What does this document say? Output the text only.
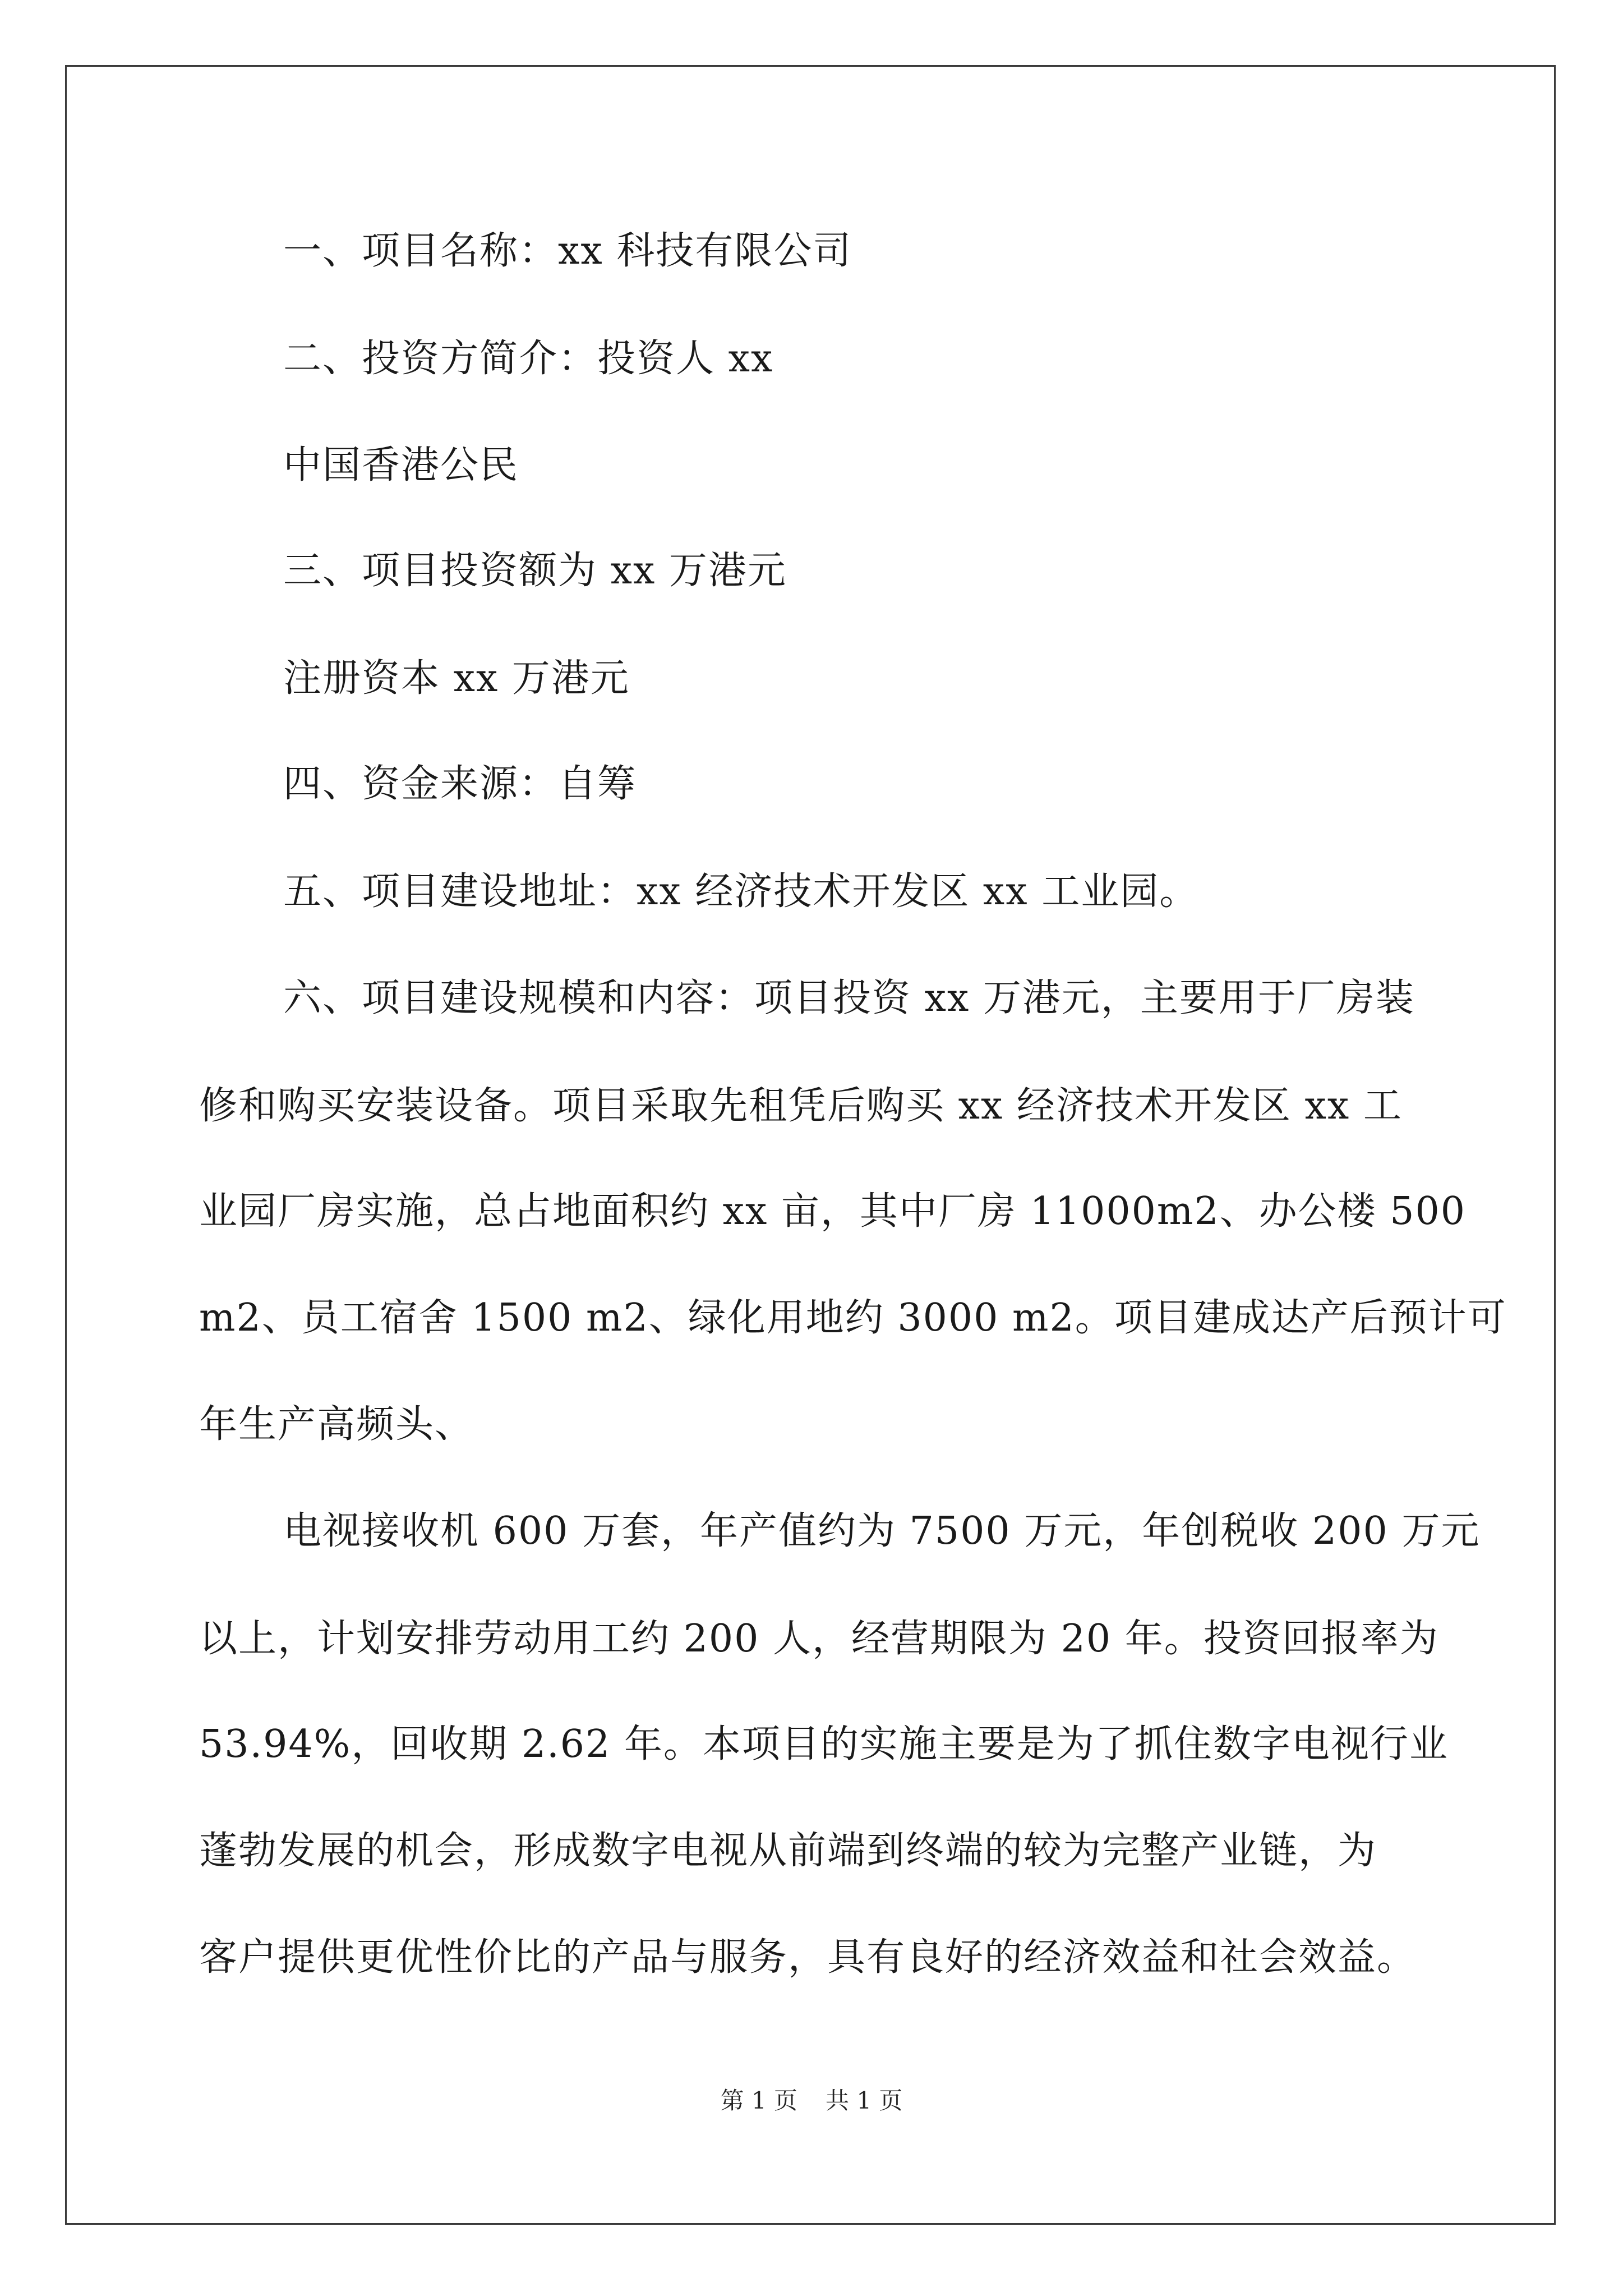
一、项目名称：xx 科技有限公司
二、投资方简介：投资人 xx
中国香港公民
三、项目投资额为 xx 万港元
注册资本 xx 万港元
四、资金来源：自筹
五、项目建设地址：xx 经济技术开发区 xx 工业园。
六、项目建设规模和内容：项目投资 xx 万港元，主要用于厂房装
修和购买安装设备。项目采取先租凭后购买 xx 经济技术开发区 xx 工
业园厂房实施，总占地面积约 xx 亩，其中厂房 11000m2、办公楼 500
m2、员工宿舍 1500 m2、绿化用地约 3000 m2。项目建成达产后预计可
年生产高频头、
电视接收机 600 万套，年产值约为 7500 万元，年创税收 200 万元
以上，计划安排劳动用工约 200 人，经营期限为 20 年。投资回报率为
53.94%，回收期 2.62 年。本项目的实施主要是为了抓住数字电视行业
蓬勃发展的机会，形成数字电视从前端到终端的较为完整产业链，为
客户提供更优性价比的产品与服务，具有良好的经济效益和社会效益。
第 1 页 共 1 页
